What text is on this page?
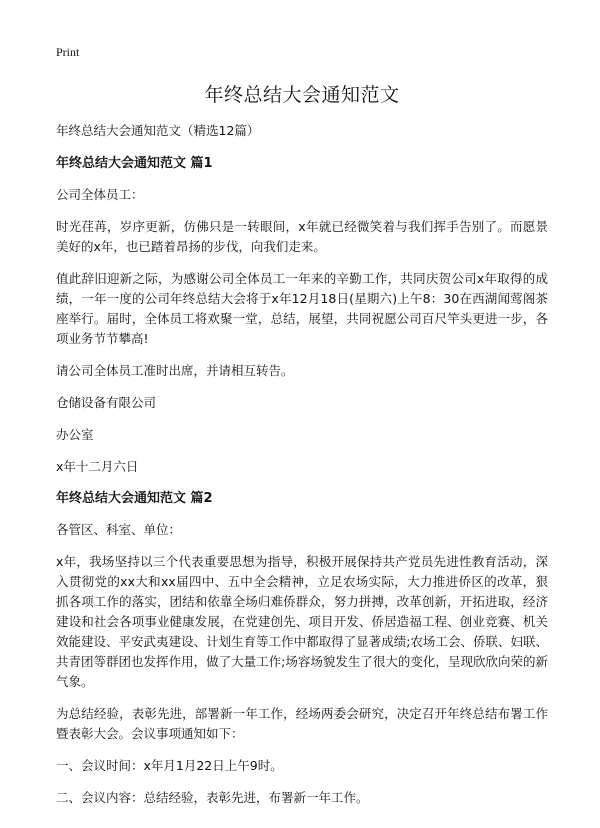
Print
年终总结大会通知范文
年终总结大会通知范文（精选12篇）
年终总结大会通知范文 篇1

公司全体员工：

时光荏苒，岁序更新，仿佛只是一转眼间，x年就已经微笑着与我们挥手告别了。而愿景美好的x年，也已踏着昂扬的步伐，向我们走来。

值此辞旧迎新之际，为感谢公司全体员工一年来的辛勤工作，共同庆贺公司x年取得的成绩，一年一度的公司年终总结大会将于x年12月18日(星期六)上午8：30在西湖闻莺阁茶座举行。届时，全体员工将欢聚一堂，总结，展望，共同祝愿公司百尺竿头更进一步，各项业务节节攀高!

请公司全体员工准时出席，并请相互转告。

仓储设备有限公司

办公室

x年十二月六日

年终总结大会通知范文 篇2

各管区、科室、单位：

x年，我场坚持以三个代表重要思想为指导，积极开展保持共产党员先进性教育活动，深入贯彻党的xx大和xx届四中、五中全会精神，立足农场实际，大力推进侨区的改革，狠抓各项工作的落实，团结和依靠全场归难侨群众，努力拼搏，改革创新，开拓进取，经济建设和社会各项事业健康发展，在党建创先、项目开发、侨居造福工程、创业竞赛、机关效能建设、平安武夷建设、计划生育等工作中都取得了显著成绩;农场工会、侨联、妇联、共青团等群团也发挥作用，做了大量工作;场容场貌发生了很大的变化，呈现欣欣向荣的新气象。

为总结经验，表彰先进，部署新一年工作，经场两委会研究，决定召开年终总结布署工作暨表彰大会。会议事项通知如下：

一、会议时间：x年月1月22日上午9时。

二、会议内容：总结经验，表彰先进，布署新一年工作。
